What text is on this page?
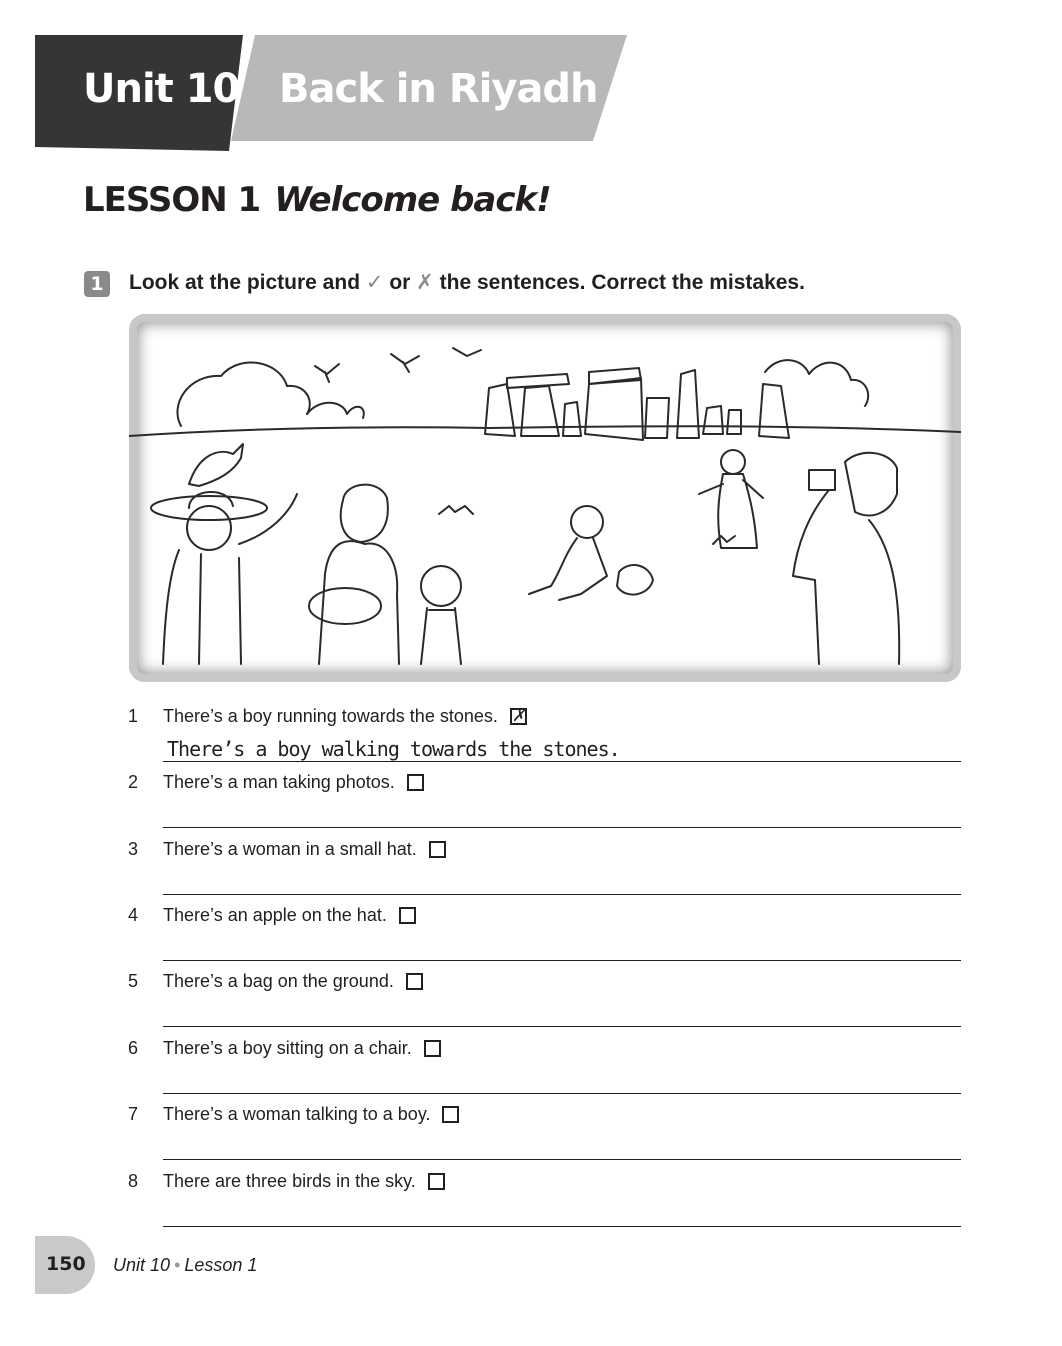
Unit 10 Back in Riyadh
LESSON 1 Welcome back!
1	Look at the picture and ✓ or ✗ the sentences. Correct the mistakes.
1 There’s a boy running towards the stones. ✗
There’s a boy walking towards the stones.
2 There’s a man taking photos.
3 There’s a woman in a small hat.
4 There’s an apple on the hat.
5 There’s a bag on the ground.
6 There’s a boy sitting on a chair.
7 There’s a woman talking to a boy.
8 There are three birds in the sky.
150 Unit 10 • Lesson 1
